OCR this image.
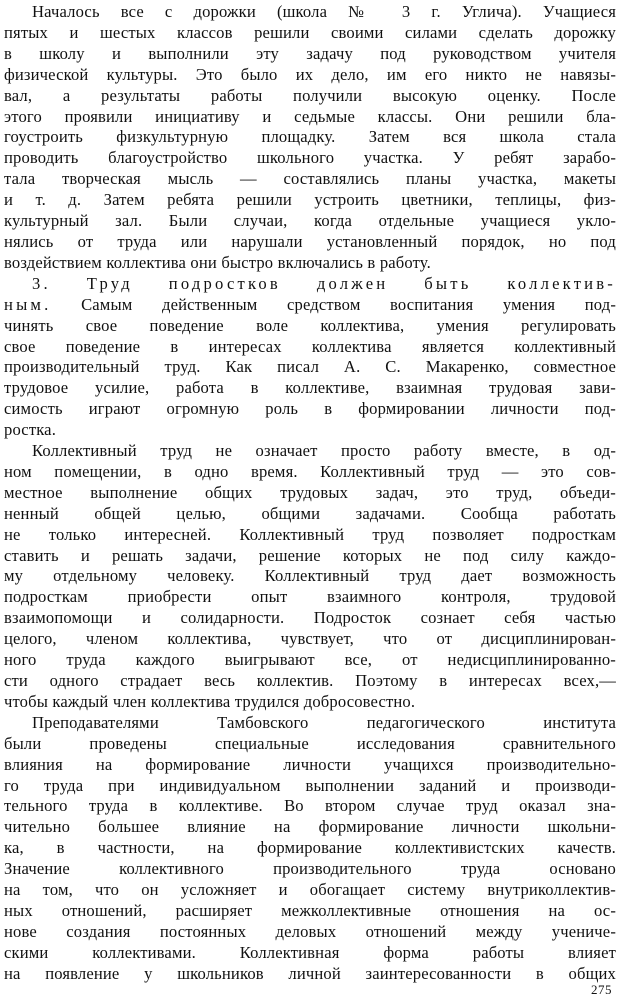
Началось все с дорожки (школа № 3 г. Углича). Учащиеся
пятых и шестых классов решили своими силами сделать дорожку
в школу и выполнили эту задачу под руководством учителя
физической культуры. Это было их дело, им его никто не навязы-
вал, а результаты работы получили высокую оценку. После
этого проявили инициативу и седьмые классы. Они решили бла-
гоустроить физкультурную площадку. Затем вся школа стала
проводить благоустройство школьного участка. У ребят зарабо-
тала творческая мысль — составлялись планы участка, макеты
и т. д. Затем ребята решили устроить цветники, теплицы, физ-
культурный зал. Были случаи, когда отдельные учащиеся укло-
нялись от труда или нарушали установленный порядок, но под
воздействием коллектива они быстро включались в работу.
3. Труд подростков должен быть коллектив-
ным. Самым действенным средством воспитания умения под-
чинять свое поведение воле коллектива, умения регулировать
свое поведение в интересах коллектива является коллективный
производительный труд. Как писал А. С. Макаренко, совместное
трудовое усилие, работа в коллективе, взаимная трудовая зави-
симость играют огромную роль в формировании личности под-
ростка.
Коллективный труд не означает просто работу вместе, в од-
ном помещении, в одно время. Коллективный труд — это сов-
местное выполнение общих трудовых задач, это труд, объеди-
ненный общей целью, общими задачами. Сообща работать
не только интересней. Коллективный труд позволяет подросткам
ставить и решать задачи, решение которых не под силу каждо-
му отдельному человеку. Коллективный труд дает возможность
подросткам приобрести опыт взаимного контроля, трудовой
взаимопомощи и солидарности. Подросток сознает себя частью
целого, членом коллектива, чувствует, что от дисциплинирован-
ного труда каждого выигрывают все, от недисциплинированно-
сти одного страдает весь коллектив. Поэтому в интересах всех,—
чтобы каждый член коллектива трудился добросовестно.
Преподавателями Тамбовского педагогического института
были проведены специальные исследования сравнительного
влияния на формирование личности учащихся производительно-
го труда при индивидуальном выполнении заданий и производи-
тельного труда в коллективе. Во втором случае труд оказал зна-
чительно большее влияние на формирование личности школьни-
ка, в частности, на формирование коллективистских качеств.
Значение коллективного производительного труда основано
на том, что он усложняет и обогащает систему внутриколлектив-
ных отношений, расширяет межколлективные отношения на ос-
нове создания постоянных деловых отношений между учениче-
скими коллективами. Коллективная форма работы влияет
на появление у школьников личной заинтересованности в общих
275
